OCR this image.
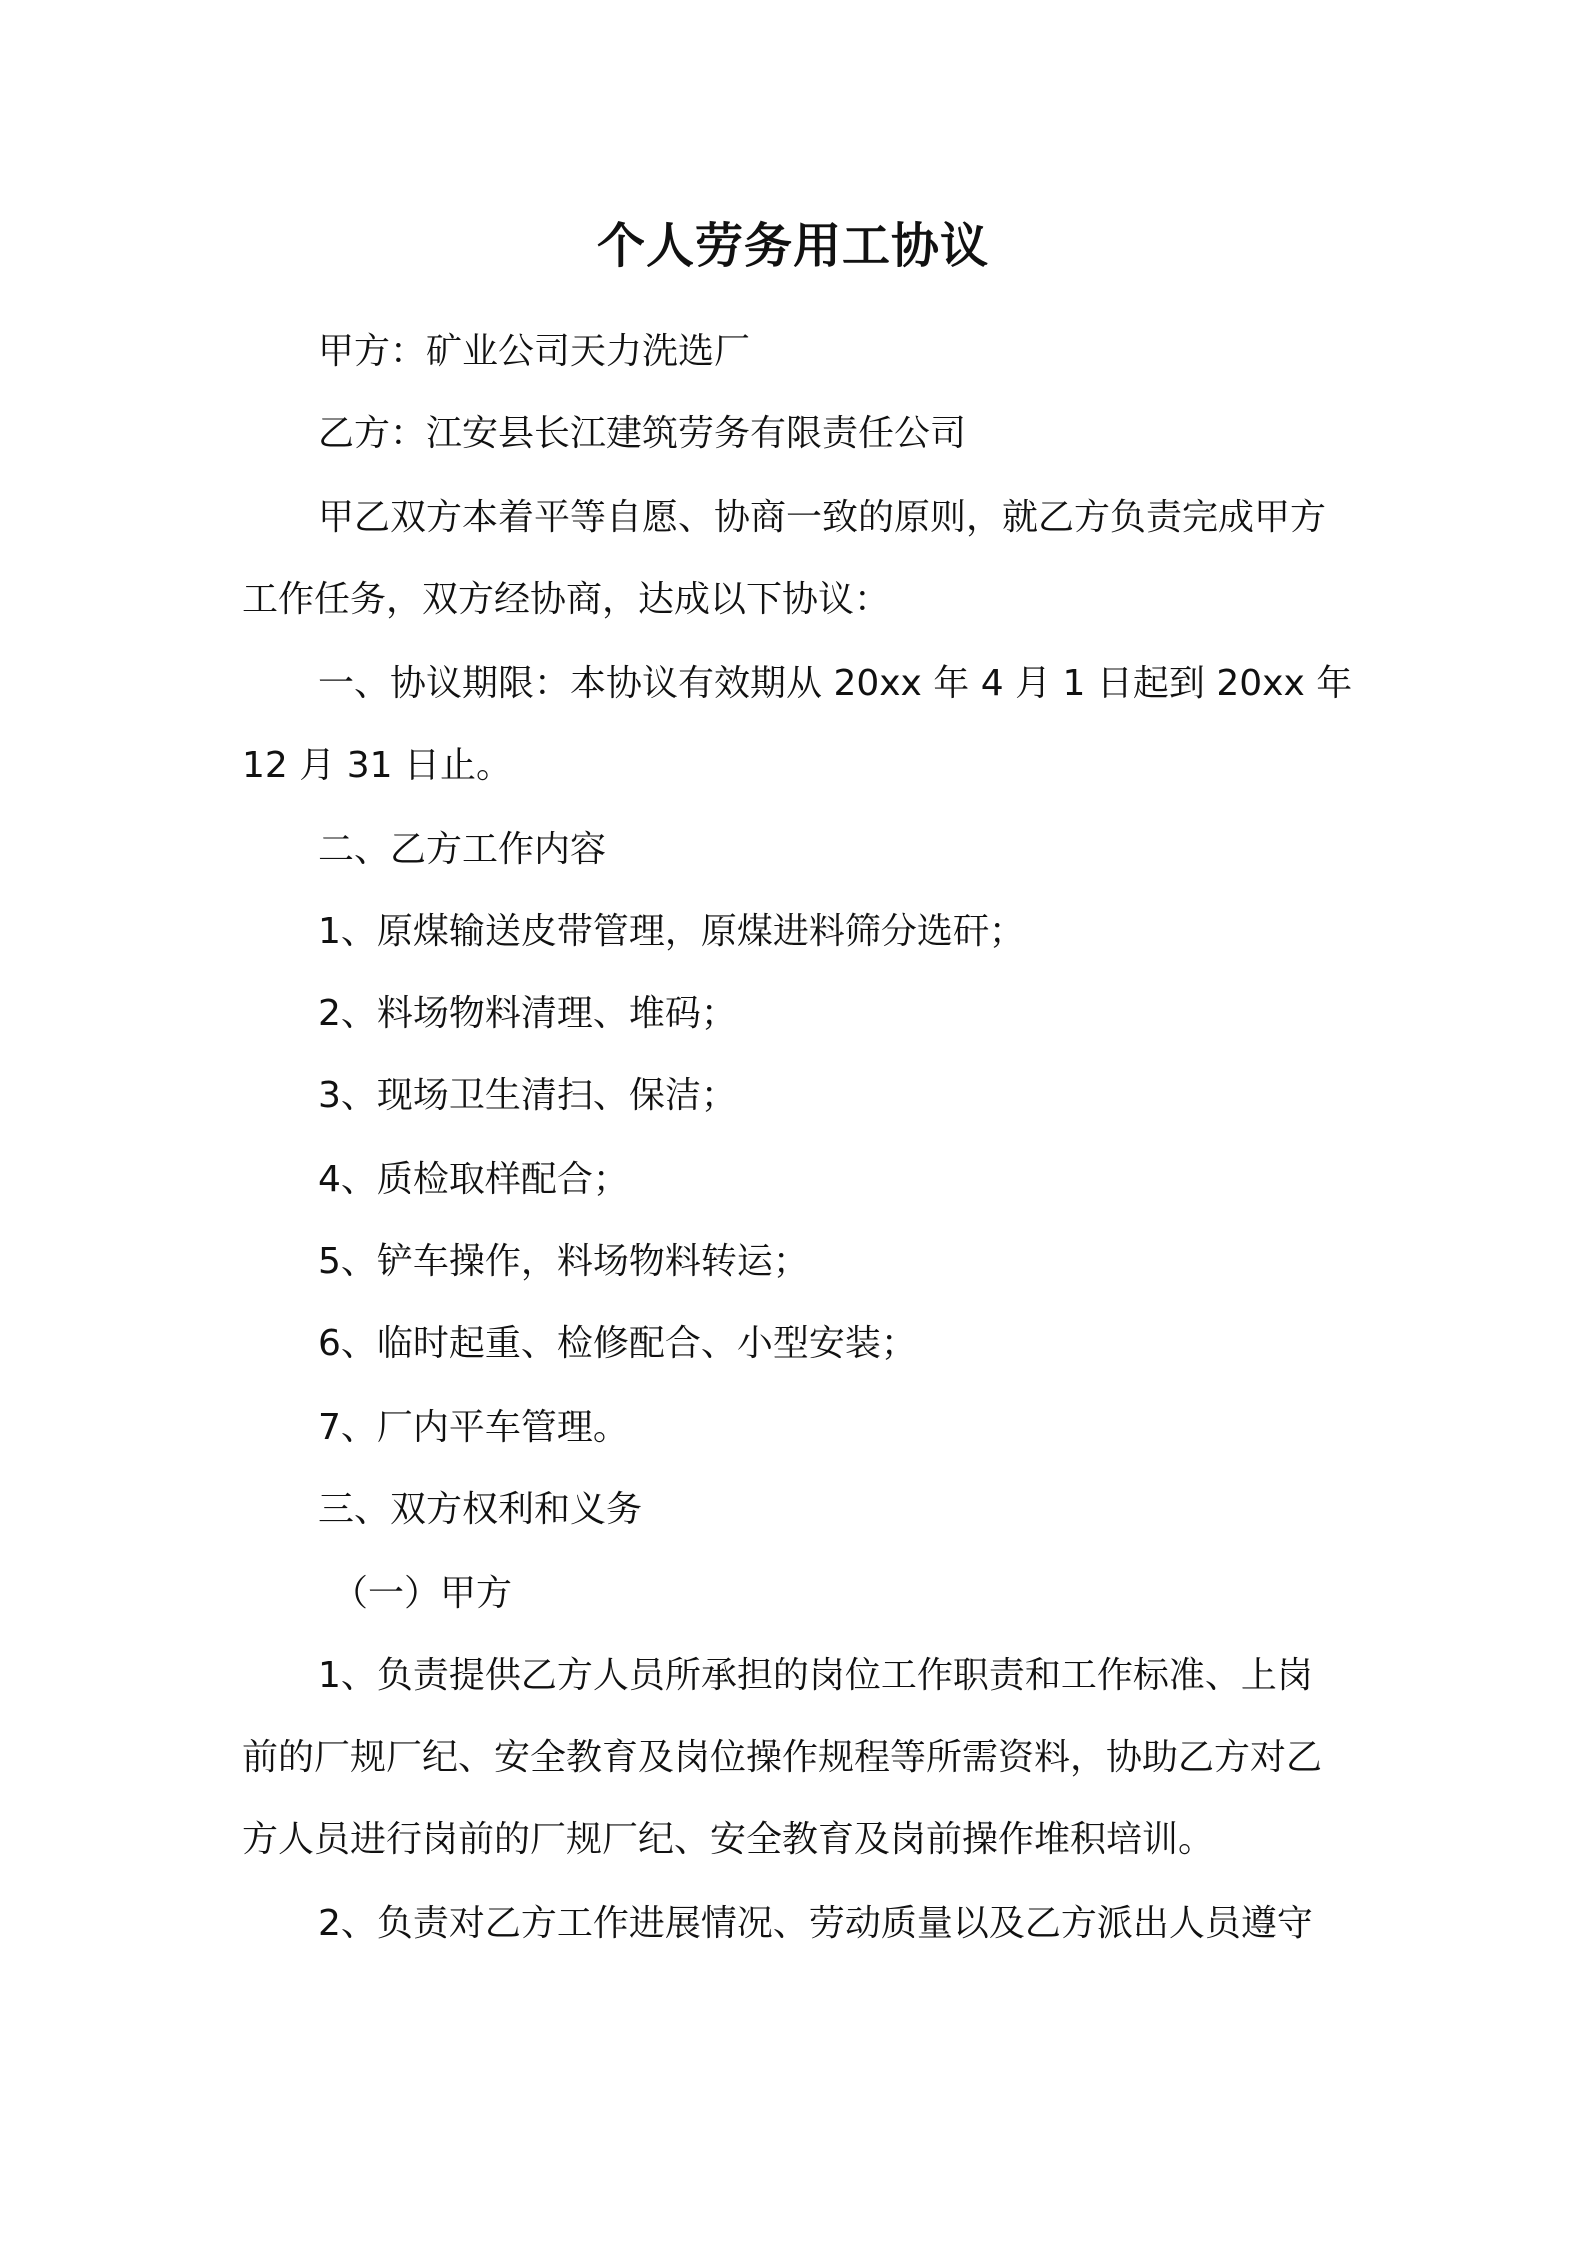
个人劳务用工协议
甲方：矿业公司天力洗选厂
乙方：江安县长江建筑劳务有限责任公司
甲乙双方本着平等自愿、协商一致的原则，就乙方负责完成甲方
工作任务，双方经协商，达成以下协议：
一、协议期限：本协议有效期从 20xx 年 4 月 1 日起到 20xx 年
12 月 31 日止。
二、乙方工作内容
1、原煤输送皮带管理，原煤进料筛分选矸；
2、料场物料清理、堆码；
3、现场卫生清扫、保洁；
4、质检取样配合；
5、铲车操作，料场物料转运；
6、临时起重、检修配合、小型安装；
7、厂内平车管理。
三、双方权利和义务
（一）甲方
1、负责提供乙方人员所承担的岗位工作职责和工作标准、上岗
前的厂规厂纪、安全教育及岗位操作规程等所需资料，协助乙方对乙
方人员进行岗前的厂规厂纪、安全教育及岗前操作堆积培训。
2、负责对乙方工作进展情况、劳动质量以及乙方派出人员遵守
